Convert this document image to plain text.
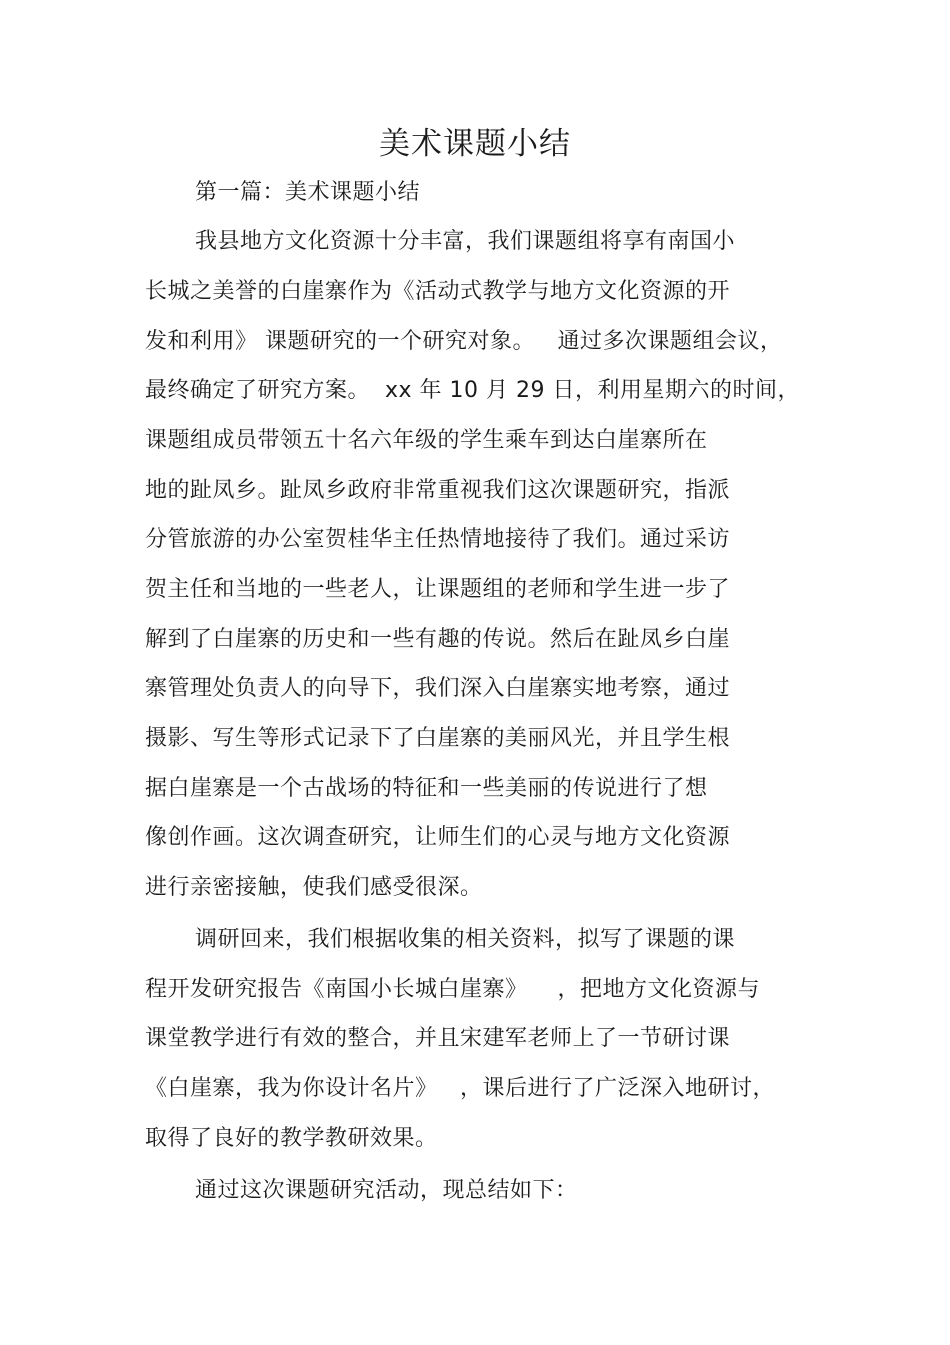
美术课题小结
第一篇：美术课题小结
我县地方文化资源十分丰富，我们课题组将享有南国小
长城之美誉的白崖寨作为《活动式教学与地方文化资源的开
发和利用》 课题研究的一个研究对象。   通过多次课题组会议，
最终确定了研究方案。  xx 年 10 月 29 日，利用星期六的时间，
课题组成员带领五十名六年级的学生乘车到达白崖寨所在
地的趾凤乡。趾凤乡政府非常重视我们这次课题研究，指派
分管旅游的办公室贺桂华主任热情地接待了我们。通过采访
贺主任和当地的一些老人，让课题组的老师和学生进一步了
解到了白崖寨的历史和一些有趣的传说。然后在趾凤乡白崖
寨管理处负责人的向导下，我们深入白崖寨实地考察，通过
摄影、写生等形式记录下了白崖寨的美丽风光，并且学生根
据白崖寨是一个古战场的特征和一些美丽的传说进行了想
像创作画。这次调查研究，让师生们的心灵与地方文化资源
进行亲密接触，使我们感受很深。
调研回来，我们根据收集的相关资料，拟写了课题的课
程开发研究报告《南国小长城白崖寨》    ，把地方文化资源与
课堂教学进行有效的整合，并且宋建军老师上了一节研讨课
《白崖寨，我为你设计名片》   ，课后进行了广泛深入地研讨，
取得了良好的教学教研效果。
通过这次课题研究活动，现总结如下：
